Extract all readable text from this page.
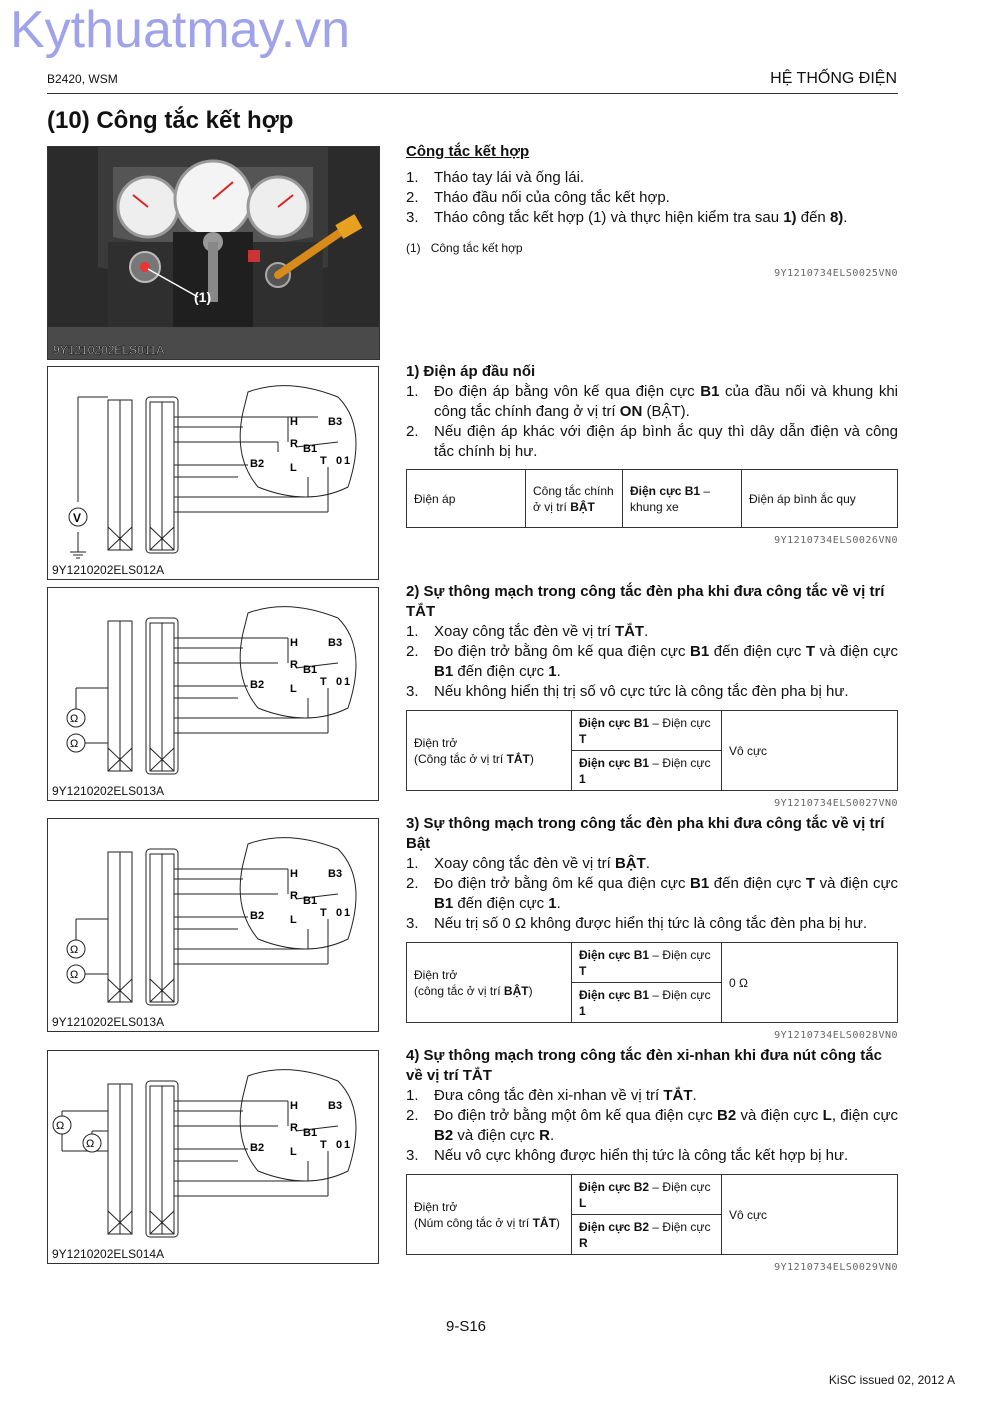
Kythuatmay.vn
B2420, WSM	HỆ THỐNG ĐIỆN
(10) Công tắc kết hợp
(1)
9Y1210202ELS011A
V
H	B3
R B1
B2 L
T 0 1
9Y1210202ELS012A
Ω
Ω
H	B3
R B1
B2 L
T 0 1
9Y1210202ELS013A
Ω
Ω
H	B3
R B1
B2 L
T 0 1
9Y1210202ELS013A
Ω
Ω
H	B3
R B1
B2 L
T 0 1
9Y1210202ELS014A
Công tắc kết hợp
1. Tháo tay lái và ống lái.
2. Tháo đầu nối của công tắc kết hợp.
3. Tháo công tắc kết hợp (1) và thực hiện kiểm tra sau 1) đến 8).
(1) Công tắc kết hợp
9Y1210734ELS0025VN0
1) Điện áp đầu nối
1. Đo điện áp bằng vôn kế qua điện cực B1 của đầu nối và khung khi công tắc chính đang ở vị trí ON (BẬT).
2. Nếu điện áp khác với điện áp bình ắc quy thì dây dẫn điện và công tắc chính bị hư.
Điện áp	Công tắc chính ở vị trí BẬT	Điện cực B1 – khung xe	Điện áp bình ắc quy
9Y1210734ELS0026VN0
2) Sự thông mạch trong công tắc đèn pha khi đưa công tắc về vị trí TẮT
1. Xoay công tắc đèn về vị trí TẮT.
2. Đo điện trở bằng ôm kế qua điện cực B1 đến điện cực T và điện cực B1 đến điện cực 1.
3. Nếu không hiển thị trị số vô cực tức là công tắc đèn pha bị hư.
Điện trở
(Công tắc ở vị trí TẮT)	Điện cực B1 – Điện cực T	Vô cực
Điện cực B1 – Điện cực 1
9Y1210734ELS0027VN0
3) Sự thông mạch trong công tắc đèn pha khi đưa công tắc về vị trí Bật
1. Xoay công tắc đèn về vị trí BẬT.
2. Đo điện trở bằng ôm kế qua điện cực B1 đến điện cực T và điện cực B1 đến điện cực 1.
3. Nếu trị số 0 Ω không được hiển thị tức là công tắc đèn pha bị hư.
Điện trở
(công tắc ở vị trí BẬT)	Điện cực B1 – Điện cực T	0 Ω
Điện cực B1 – Điện cực 1
9Y1210734ELS0028VN0
4) Sự thông mạch trong công tắc đèn xi-nhan khi đưa nút công tắc về vị trí TẮT
1. Đưa công tắc đèn xi-nhan về vị trí TẮT.
2. Đo điện trở bằng một ôm kế qua điện cực B2 và điện cực L, điện cực B2 và điện cực R.
3. Nếu vô cực không được hiển thị tức là công tắc kết hợp bị hư.
Điện trở
(Núm công tắc ở vị trí TẮT)	Điện cực B2 – Điện cực L	Vô cực
Điện cực B2 – Điện cực R
9Y1210734ELS0029VN0
9-S16
KiSC issued 02, 2012 A
